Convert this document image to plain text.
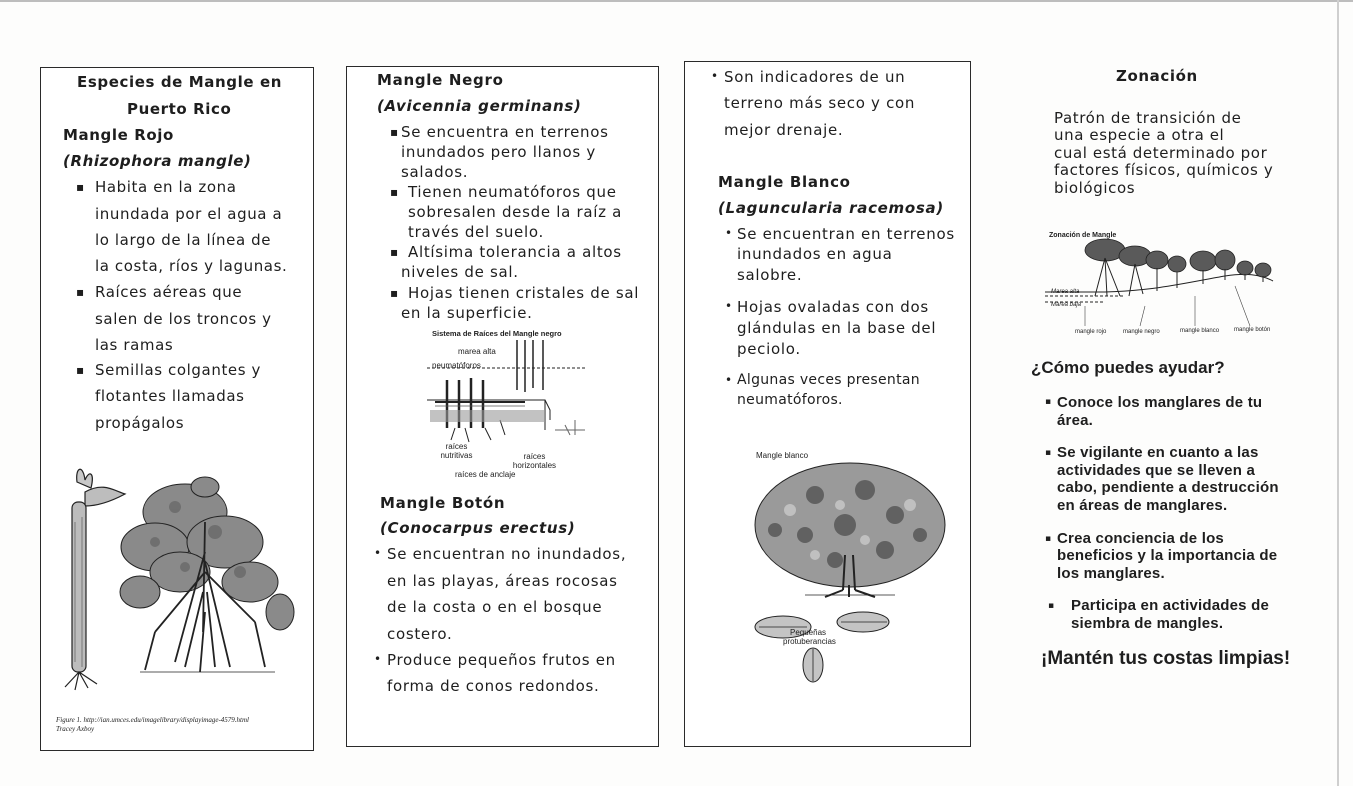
Especies de Mangle en
Puerto Rico
Mangle Rojo
(Rhizophora mangle)
▪ Habita en la zona
inundada por el agua a
lo largo de la línea de
la costa, ríos y lagunas.
▪ Raíces aéreas que
salen de los troncos y
las ramas
▪ Semillas colgantes y
flotantes llamadas
propágalos
Figure 1. http://ian.umces.edu/imagelibrary/displayimage-4579.html Tracey Axboy
Mangle Negro
(Avicennia germinans)
▪ Se encuentra en terrenos
inundados pero llanos y
salados.
▪ Tienen neumatóforos que
sobresalen desde la raíz a
través del suelo.
▪ Altísima tolerancia a altos
niveles de sal.
▪ Hojas tienen cristales de sal
en la superficie.
Sistema de Raíces del Mangle negro
marea alta
neumatóforos
raíces nutritivas	raíces horizontales
raíces de anclaje
Mangle Botón
(Conocarpus erectus)
• Se encuentran no inundados,
en las playas, áreas rocosas
de la costa o en el bosque
costero.
• Produce pequeños frutos en
forma de conos redondos.
• Son indicadores de un
terreno más seco y con
mejor drenaje.
Mangle Blanco
(Laguncularia racemosa)
• Se encuentran en terrenos
inundados en agua
salobre.
• Hojas ovaladas con dos
glándulas en la base del
peciolo.
• Algunas veces presentan
neumatóforos.
Mangle blanco
Pequeñas
protuberancias
Zonación
Patrón de transición de
una especie a otra el
cual está determinado por
factores físicos, químicos y
biológicos
Zonación de Mangle
Marea alta
Marea baja
mangle rojo	mangle negro	mangle blanco mangle botón
¿Cómo puedes ayudar?
▪ Conoce los manglares de tu
área.
▪ Se vigilante en cuanto a las
actividades que se lleven a
cabo, pendiente a destrucción
en áreas de manglares.
▪ Crea conciencia de los
beneficios y la importancia de
los manglares.
▪ Participa en actividades de
siembra de mangles.
¡Mantén tus costas limpias!
